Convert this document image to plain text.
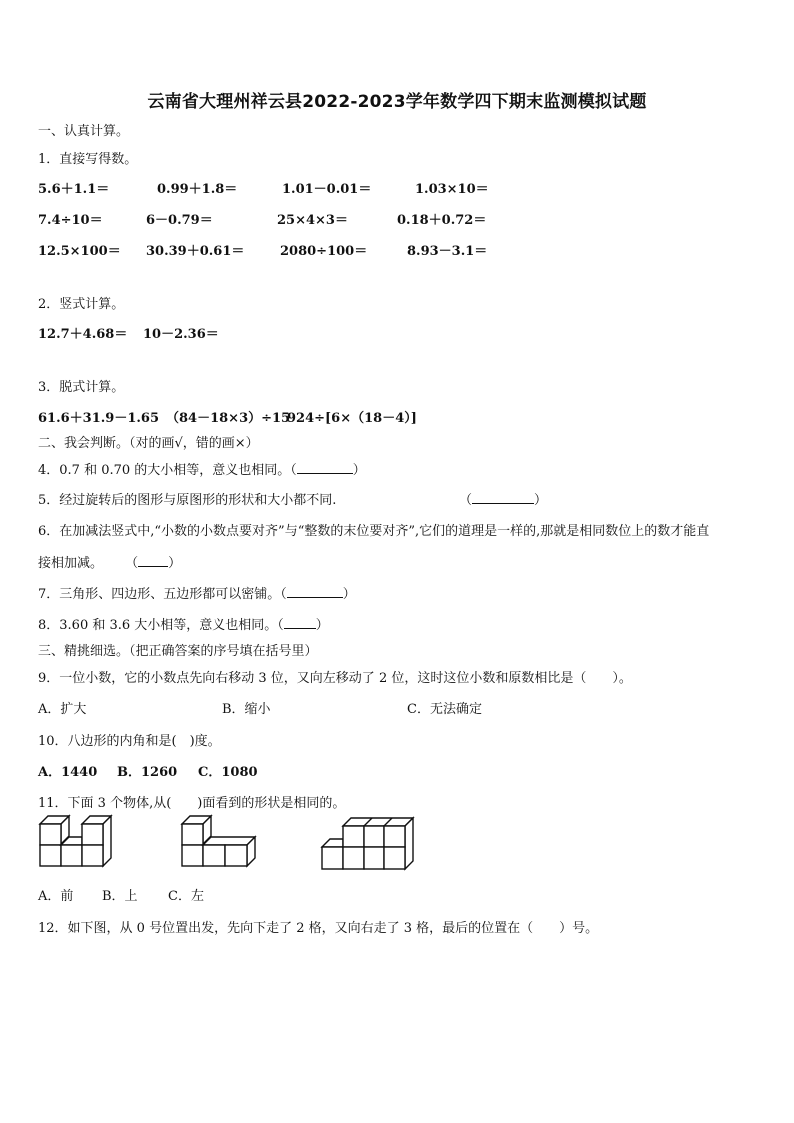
云南省大理州祥云县2022-2023学年数学四下期末监测模拟试题
一、认真计算。
1．直接写得数。
5.6＋1.1＝	0.99＋1.8＝	1.01－0.01＝	1.03×10＝
7.4÷10＝	6－0.79＝	25×4×3＝	0.18＋0.72＝
12.5×100＝ 30.39＋0.61＝	2080÷100＝	8.93－3.1＝
2．竖式计算。
12.7＋4.68＝ 10－2.36＝
3．脱式计算。
61.6＋31.9－1.65 （84－18×3）÷15
924÷[6×（18－4）]
二、我会判断。（对的画√，错的画×）
4．0.7 和 0.70 的大小相等，意义也相同。（	）
5．经过旋转后的图形与原图形的形状和大小都不同.	（	）
6．在加减法竖式中,“小数的小数点要对齐”与“整数的末位要对齐”,它们的道理是一样的,那就是相同数位上的数才能直
接相加减。 （ ）
7．三角形、四边形、五边形都可以密铺。（	）
8．3.60 和 3.6 大小相等，意义也相同。（ ）
三、精挑细选。（把正确答案的序号填在括号里）
9．一位小数，它的小数点先向右移动 3 位，又向左移动了 2 位，这时这位小数和原数相比是（　　）。
A．扩大	B．缩小	C．无法确定
10．八边形的内角和是(　)度。
A．1440 B．1260 C．1080
11．下面 3 个物体,从(　　)面看到的形状是相同的。
A．前 B．上 C．左
12．如下图，从 0 号位置出发，先向下走了 2 格，又向右走了 3 格，最后的位置在（　　）号。
